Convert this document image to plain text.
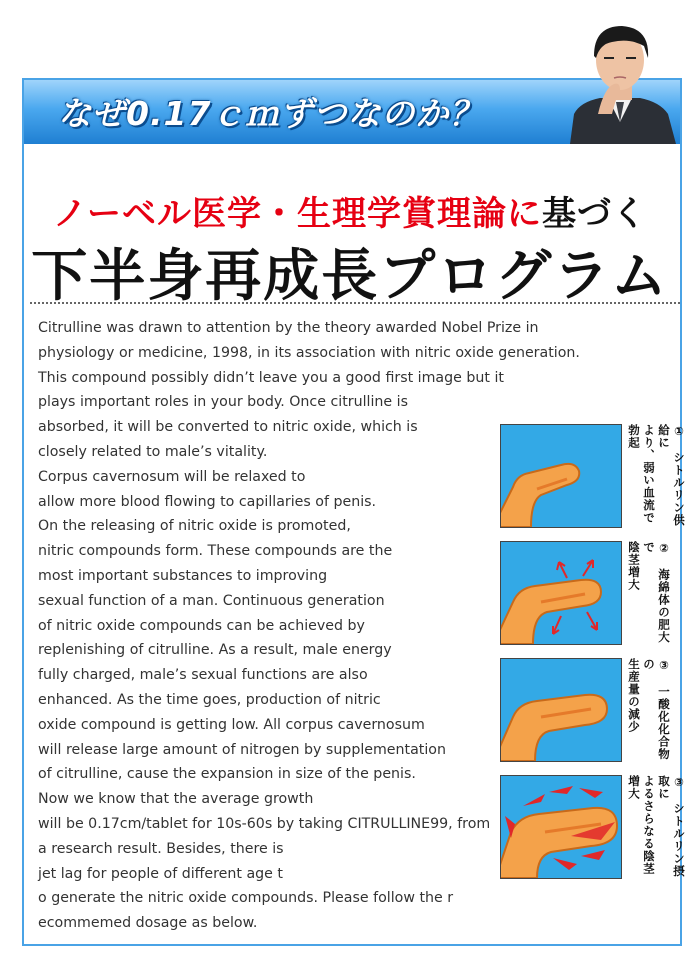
なぜ0.17ｃｍずつなのか？
ノーベル医学・生理学賞理論に基づく
下半身再成長プログラム
Citrulline was drawn to attention by the theory awarded Nobel Prize in
physiology or medicine, 1998, in its association with nitric oxide generation.
This compound possibly didn’t leave you a good first image but it
plays important roles in your body. Once citrulline is
absorbed, it will be converted to nitric oxide, which is
closely related to male’s vitality.
Corpus cavernosum will be relaxed to
allow more blood flowing to capillaries of penis.
On the releasing of nitric oxide is promoted,
nitric compounds form. These compounds are the
most important substances to improving
sexual function of a man. Continuous generation
of nitric oxide compounds can be achieved by
replenishing of citrulline. As a result, male energy
fully charged, male’s sexual functions are also
enhanced. As the time goes, production of nitric
oxide compound is getting low. All corpus cavernosum
will release large amount of nitrogen by supplementation
of citrulline, cause the expansion in size of the penis.
Now we know that the average growth
will be 0.17cm/tablet for 10s-60s by taking CITRULLINE99, from
a research result. Besides, there is
jet lag for people of different age t
o generate the nitric oxide compounds. Please follow the r
ecommemed dosage as below.
①　シトルリン供給に
より、弱い血流で勃起
②　海綿体の肥大で
陰茎増大
③　一酸化化合物の
生産量の減少
③　シトルリン摂取に
よるさらなる陰茎増大
